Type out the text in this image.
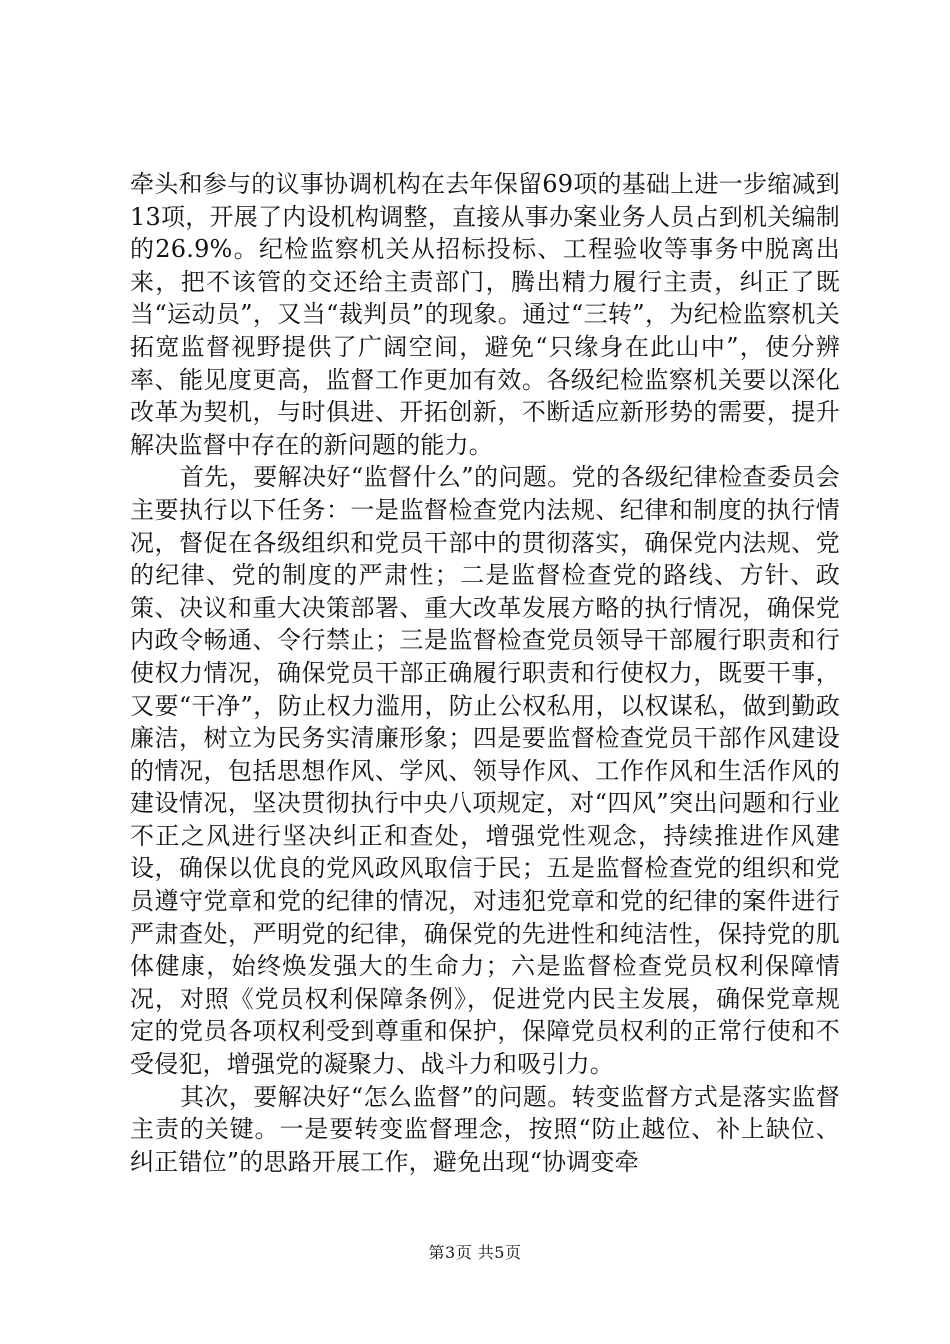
牵头和参与的议事协调机构在去年保留69项的基础上进一步缩减到13项，开展了内设机构调整，直接从事办案业务人员占到机关编制的26.9%。纪检监察机关从招标投标、工程验收等事务中脱离出来，把不该管的交还给主责部门，腾出精力履行主责，纠正了既当“运动员”，又当“裁判员”的现象。通过“三转”，为纪检监察机关拓宽监督视野提供了广阔空间，避免“只缘身在此山中”，使分辨率、能见度更高，监督工作更加有效。各级纪检监察机关要以深化改革为契机，与时俱进、开拓创新，不断适应新形势的需要，提升解决监督中存在的新问题的能力。

首先，要解决好“监督什么”的问题。党的各级纪律检查委员会主要执行以下任务：一是监督检查党内法规、纪律和制度的执行情况，督促在各级组织和党员干部中的贯彻落实，确保党内法规、党的纪律、党的制度的严肃性；二是监督检查党的路线、方针、政策、决议和重大决策部署、重大改革发展方略的执行情况，确保党内政令畅通、令行禁止；三是监督检查党员领导干部履行职责和行使权力情况，确保党员干部正确履行职责和行使权力，既要干事，又要“干净”，防止权力滥用，防止公权私用，以权谋私，做到勤政廉洁，树立为民务实清廉形象；四是要监督检查党员干部作风建设的情况，包括思想作风、学风、领导作风、工作作风和生活作风的建设情况，坚决贯彻执行中央八项规定，对“四风”突出问题和行业不正之风进行坚决纠正和查处，增强党性观念，持续推进作风建设，确保以优良的党风政风取信于民；五是监督检查党的组织和党员遵守党章和党的纪律的情况，对违犯党章和党的纪律的案件进行严肃查处，严明党的纪律，确保党的先进性和纯洁性，保持党的肌体健康，始终焕发强大的生命力；六是监督检查党员权利保障情况，对照《党员权利保障条例》，促进党内民主发展，确保党章规定的党员各项权利受到尊重和保护，保障党员权利的正常行使和不受侵犯，增强党的凝聚力、战斗力和吸引力。

其次，要解决好“怎么监督”的问题。转变监督方式是落实监督主责的关键。一是要转变监督理念，按照“防止越位、补上缺位、纠正错位”的思路开展工作，避免出现“协调变牵

第3页 共5页
